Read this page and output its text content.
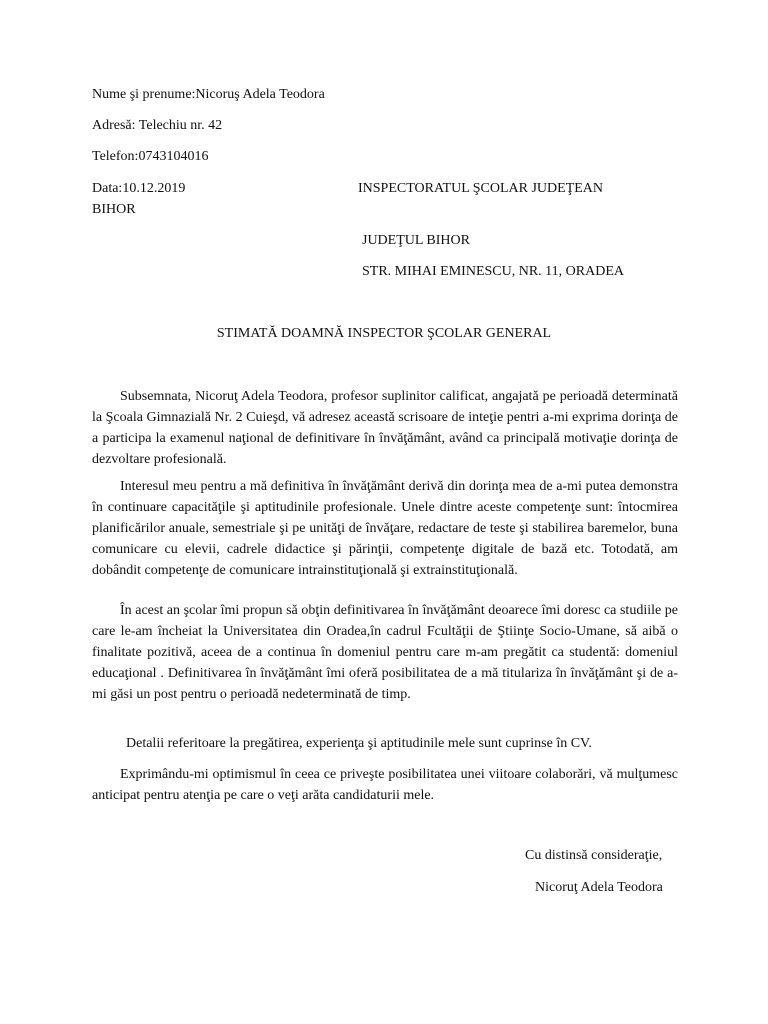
Nume şi prenume:Nicoruş Adela Teodora
Adresă: Telechiu nr. 42
Telefon:0743104016
Data:10.12.2019	INSPECTORATUL ŞCOLAR JUDEŢEAN
BIHOR
JUDEŢUL BIHOR
STR. MIHAI EMINESCU, NR. 11, ORADEA
STIMATĂ DOAMNĂ INSPECTOR ŞCOLAR GENERAL
Subsemnata, Nicoruţ Adela Teodora, profesor suplinitor calificat, angajată pe perioadă determinată la Şcoala Gimnazială Nr. 2 Cuieşd, vă adresez această scrisoare de inteţie pentri a-mi exprima dorinţa de a participa la examenul naţional de definitivare în învăţământ, având ca principală motivaţie dorinţa de dezvoltare profesională.
Interesul meu pentru a mă definitiva în învăţământ derivă din dorinţa mea de a-mi putea demonstra în continuare capacităţile şi aptitudinile profesionale. Unele dintre aceste competenţe sunt: întocmirea planificărilor anuale, semestriale şi pe unităţi de învăţare, redactare de teste şi stabilirea baremelor, buna comunicare cu elevii, cadrele didactice şi părinţii, competenţe digitale de bază etc. Totodată, am dobândit competenţe de comunicare intrainstituţională şi extrainstituţională.
În acest an şcolar îmi propun să obţin definitivarea în învăţământ deoarece îmi doresc ca studiile pe care le-am încheiat la Universitatea din Oradea,în cadrul Fcultăţii de Ştiinţe Socio-Umane, să aibă o finalitate pozitivă, aceea de a continua în domeniul pentru care m-am pregătit ca studentă: domeniul educaţional . Definitivarea în învăţământ îmi oferă posibilitatea de a mă titulariza în învăţământ şi de a-mi găsi un post pentru o perioadă nedeterminată de timp.
Detalii referitoare la pregătirea, experienţa şi aptitudinile mele sunt cuprinse în CV.
Exprimându-mi optimismul în ceea ce priveşte posibilitatea unei viitoare colaborări, vă mulţumesc anticipat pentru atenţia pe care o veţi arăta candidaturii mele.
Cu distinsă consideraţie,
Nicoruţ Adela Teodora
